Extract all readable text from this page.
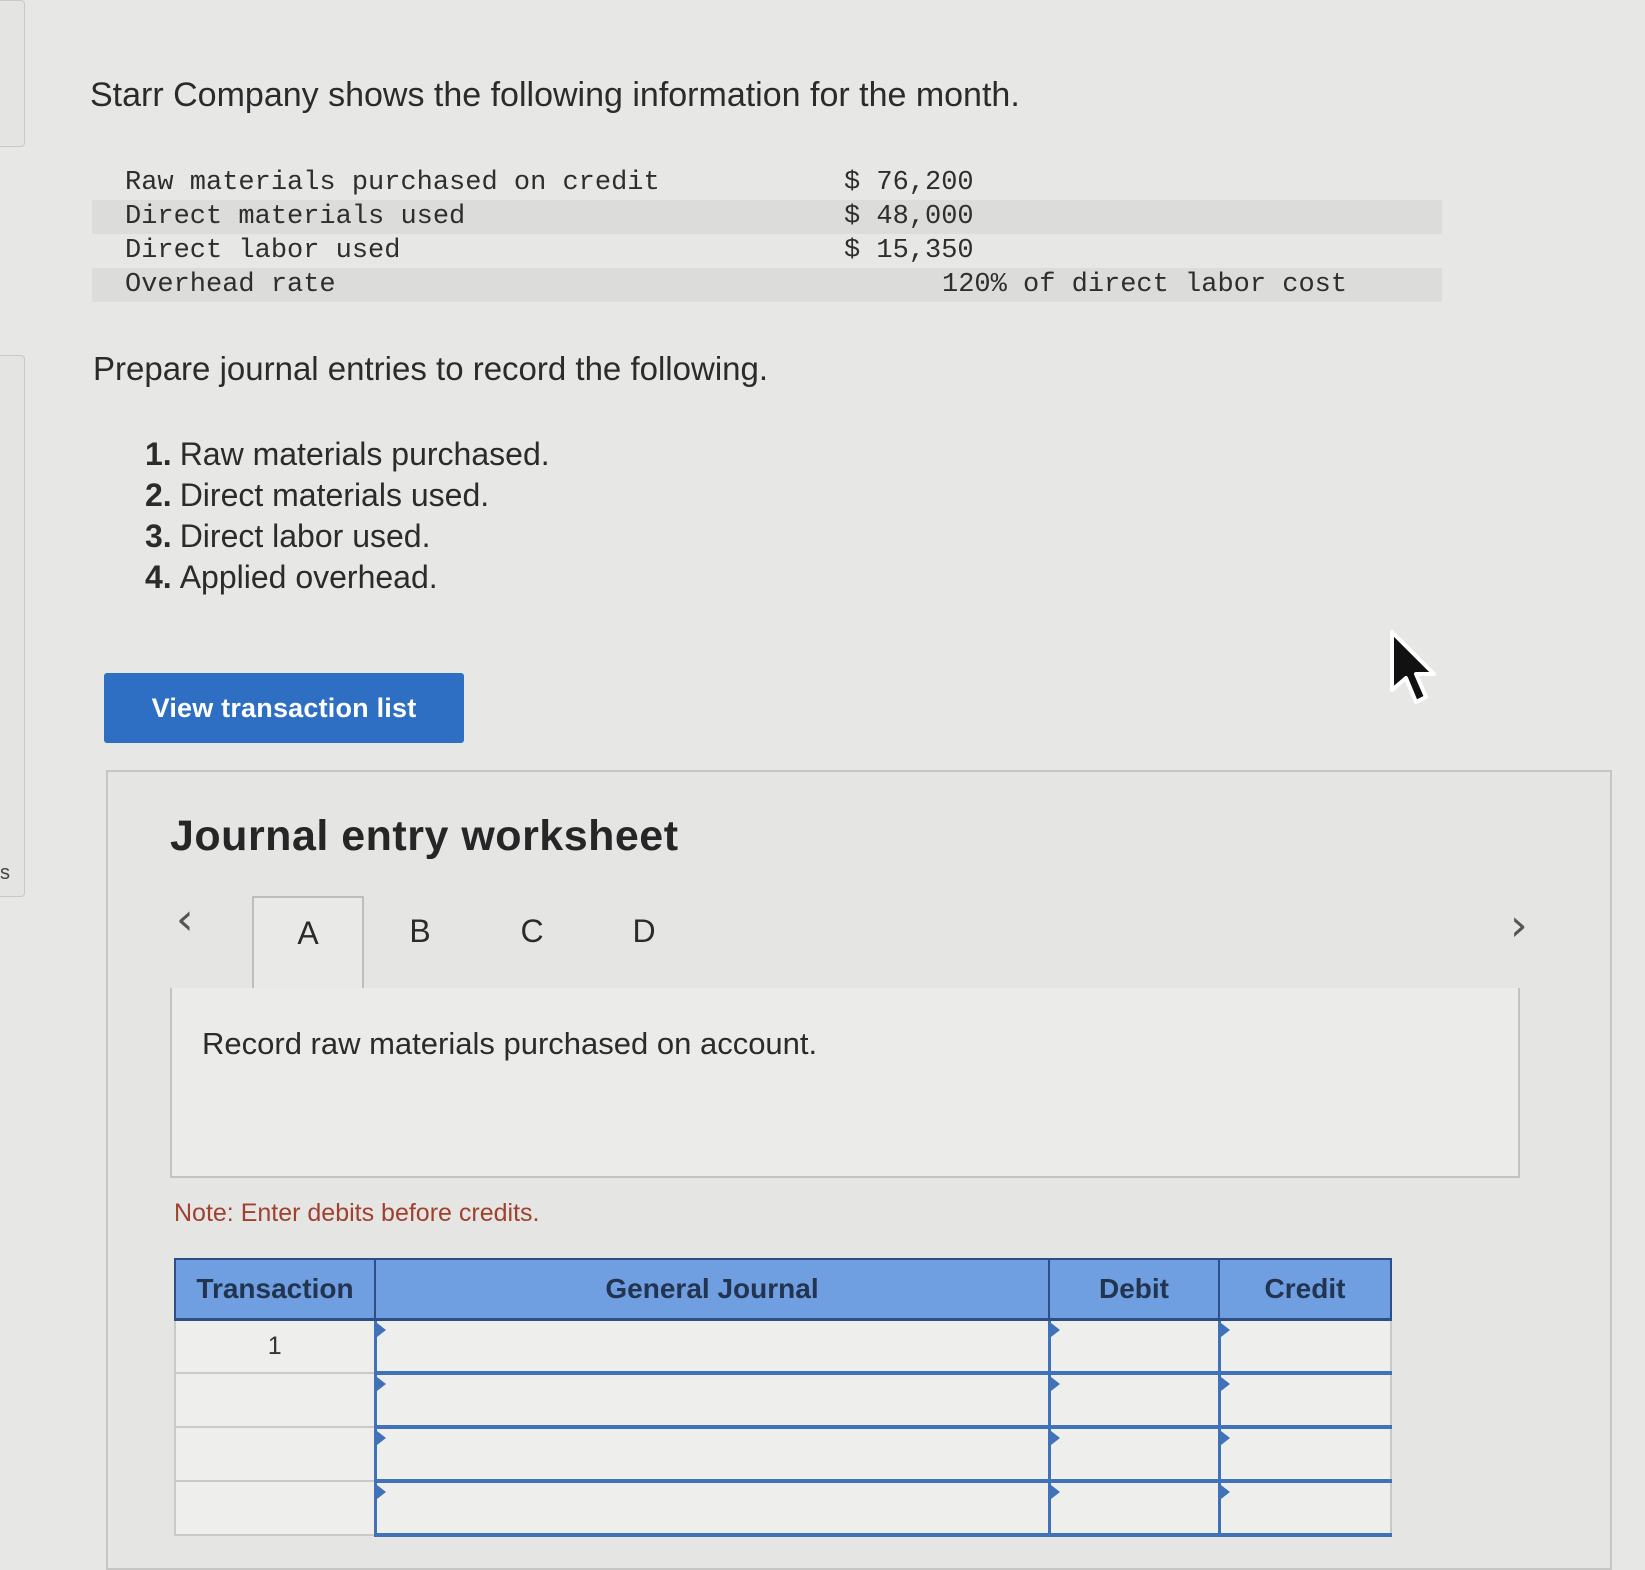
s
Starr Company shows the following information for the month.
Raw materials purchased on credit	$ 76,200
Direct materials used	$ 48,000
Direct labor used	$ 15,350
Overhead rate	120% of direct labor cost
Prepare journal entries to record the following.
1. Raw materials purchased.
2. Direct materials used.
3. Direct labor used.
4. Applied overhead.
View transaction list
Journal entry worksheet
‹	A	B	C	D	›

Record raw materials purchased on account.

Note: Enter debits before credits.

Transaction	General Journal	Debit	Credit
1			
